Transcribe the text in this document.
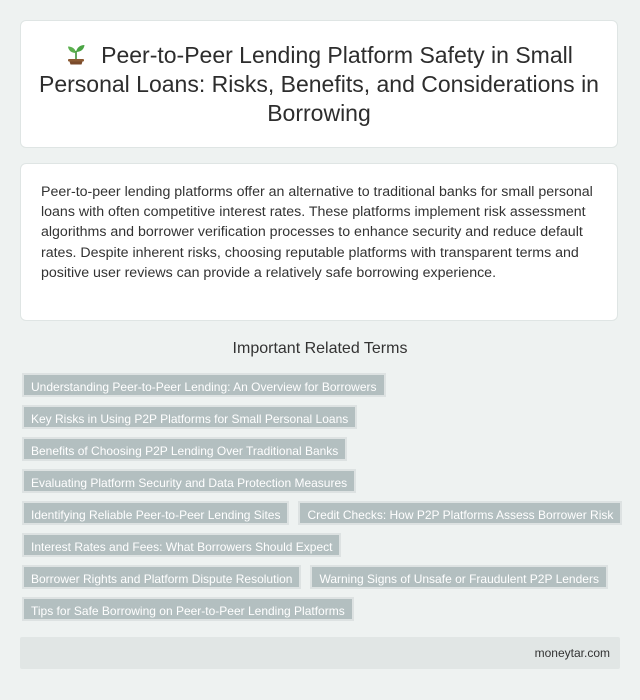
Peer-to-Peer Lending Platform Safety in Small Personal Loans: Risks, Benefits, and Considerations in Borrowing

Peer-to-peer lending platforms offer an alternative to traditional banks for small personal loans with often competitive interest rates. These platforms implement risk assessment algorithms and borrower verification processes to enhance security and reduce default rates. Despite inherent risks, choosing reputable platforms with transparent terms and positive user reviews can provide a relatively safe borrowing experience.

Important Related Terms
Understanding Peer-to-Peer Lending: An Overview for Borrowers
Key Risks in Using P2P Platforms for Small Personal Loans
Benefits of Choosing P2P Lending Over Traditional Banks
Evaluating Platform Security and Data Protection Measures
Identifying Reliable Peer-to-Peer Lending Sites	Credit Checks: How P2P Platforms Assess Borrower Risk
Interest Rates and Fees: What Borrowers Should Expect
Borrower Rights and Platform Dispute Resolution	Warning Signs of Unsafe or Fraudulent P2P Lenders
Tips for Safe Borrowing on Peer-to-Peer Lending Platforms
moneytar.com
